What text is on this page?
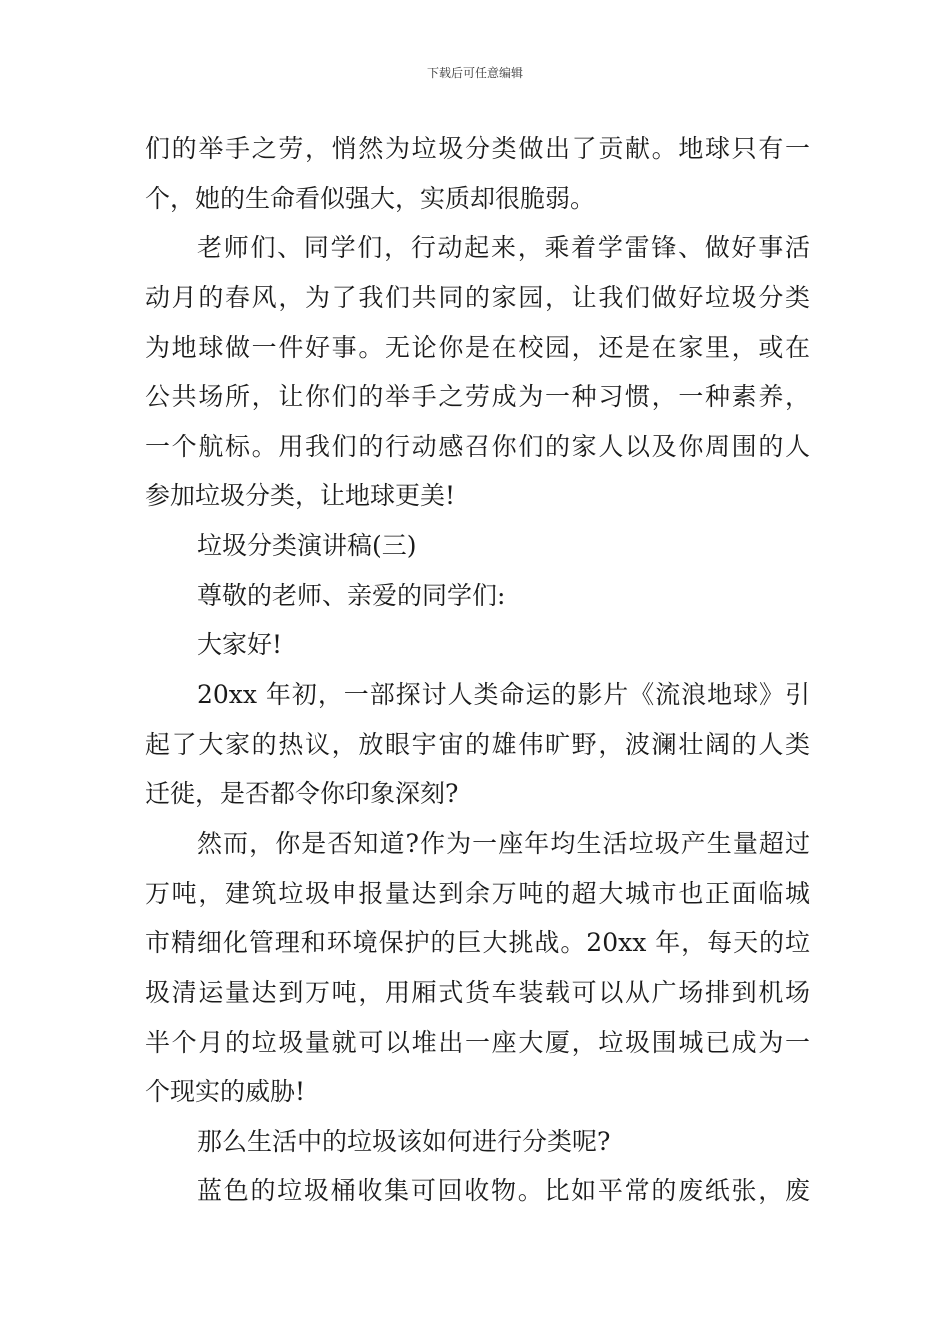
下载后可任意编辑
们的举手之劳，悄然为垃圾分类做出了贡献。地球只有一
个，她的生命看似强大，实质却很脆弱。
老师们、同学们，行动起来，乘着学雷锋、做好事活
动月的春风，为了我们共同的家园，让我们做好垃圾分类
为地球做一件好事。无论你是在校园，还是在家里，或在
公共场所，让你们的举手之劳成为一种习惯，一种素养，
一个航标。用我们的行动感召你们的家人以及你周围的人
参加垃圾分类，让地球更美!
垃圾分类演讲稿(三)
尊敬的老师、亲爱的同学们:
大家好!
20xx 年初，一部探讨人类命运的影片《流浪地球》引
起了大家的热议，放眼宇宙的雄伟旷野，波澜壮阔的人类
迁徙，是否都令你印象深刻?
然而，你是否知道?作为一座年均生活垃圾产生量超过
万吨，建筑垃圾申报量达到余万吨的超大城市也正面临城
市精细化管理和环境保护的巨大挑战。20xx 年，每天的垃
圾清运量达到万吨，用厢式货车装载可以从广场排到机场
半个月的垃圾量就可以堆出一座大厦，垃圾围城已成为一
个现实的威胁!
那么生活中的垃圾该如何进行分类呢?
蓝色的垃圾桶收集可回收物。比如平常的废纸张，废
